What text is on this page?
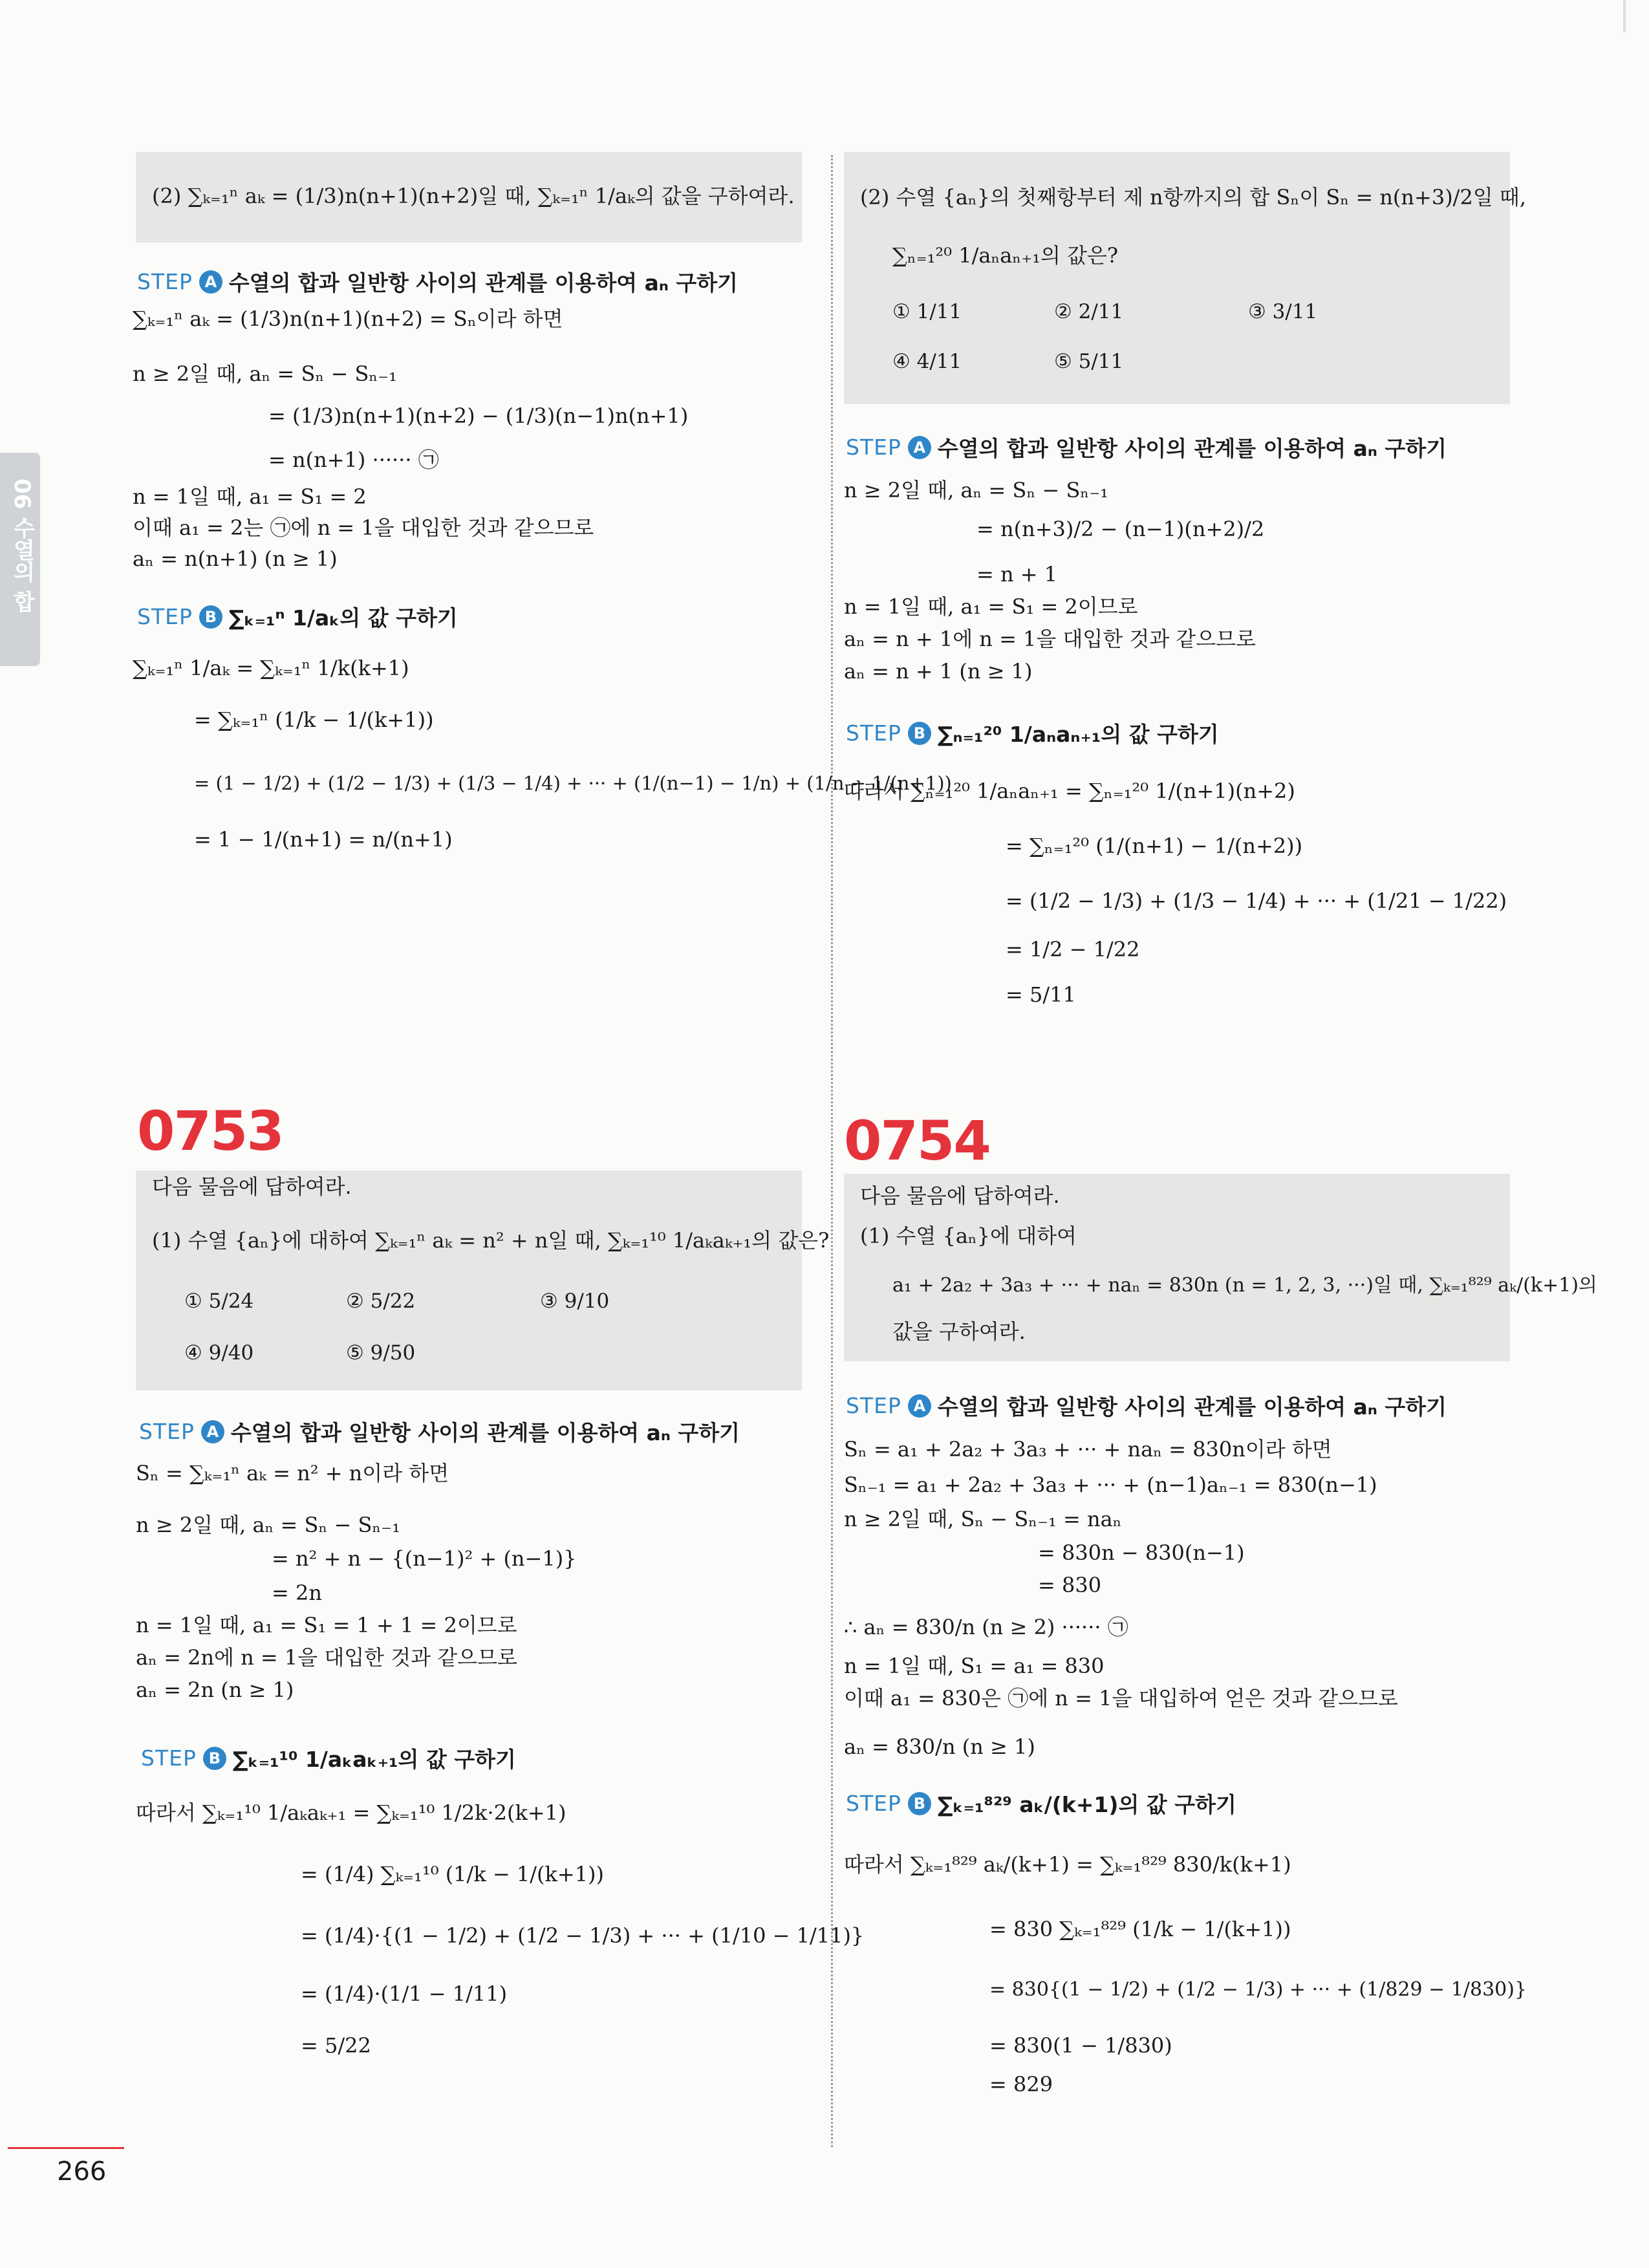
06 수열의 합
(2) ∑ₖ₌₁ⁿ aₖ = (1/3)n(n+1)(n+2)일 때, ∑ₖ₌₁ⁿ 1/aₖ의 값을 구하여라.
STEP A 수열의 합과 일반항 사이의 관계를 이용하여 aₙ 구하기
∑ₖ₌₁ⁿ aₖ = (1/3)n(n+1)(n+2) = Sₙ이라 하면
n ≥ 2일 때, aₙ = Sₙ − Sₙ₋₁
= (1/3)n(n+1)(n+2) − (1/3)(n−1)n(n+1)
= n(n+1) ······ ㉠
n = 1일 때, a₁ = S₁ = 2
이때 a₁ = 2는 ㉠에 n = 1을 대입한 것과 같으므로
aₙ = n(n+1) (n ≥ 1)
STEP B ∑ₖ₌₁ⁿ 1/aₖ의 값 구하기
∑ₖ₌₁ⁿ 1/aₖ = ∑ₖ₌₁ⁿ 1/k(k+1)
= ∑ₖ₌₁ⁿ (1/k − 1/(k+1))
= (1 − 1/2) + (1/2 − 1/3) + (1/3 − 1/4) + ··· + (1/(n−1) − 1/n) + (1/n − 1/(n+1))
= 1 − 1/(n+1) = n/(n+1)
(2) 수열 {aₙ}의 첫째항부터 제 n항까지의 합 Sₙ이 Sₙ = n(n+3)/2일 때,
∑ₙ₌₁²⁰ 1/aₙaₙ₊₁의 값은?
① 1/11	② 2/11	③ 3/11
④ 4/11	⑤ 5/11
STEP A 수열의 합과 일반항 사이의 관계를 이용하여 aₙ 구하기
n ≥ 2일 때, aₙ = Sₙ − Sₙ₋₁
= n(n+3)/2 − (n−1)(n+2)/2
= n + 1
n = 1일 때, a₁ = S₁ = 2이므로
aₙ = n + 1에 n = 1을 대입한 것과 같으므로
aₙ = n + 1 (n ≥ 1)
STEP B ∑ₙ₌₁²⁰ 1/aₙaₙ₊₁의 값 구하기
따라서 ∑ₙ₌₁²⁰ 1/aₙaₙ₊₁ = ∑ₙ₌₁²⁰ 1/(n+1)(n+2)
= ∑ₙ₌₁²⁰ (1/(n+1) − 1/(n+2))
= (1/2 − 1/3) + (1/3 − 1/4) + ··· + (1/21 − 1/22)
= 1/2 − 1/22
= 5/11
0753
다음 물음에 답하여라.
(1) 수열 {aₙ}에 대하여 ∑ₖ₌₁ⁿ aₖ = n² + n일 때, ∑ₖ₌₁¹⁰ 1/aₖaₖ₊₁의 값은?
① 5/24	② 5/22	③ 9/10
④ 9/40	⑤ 9/50
STEP A 수열의 합과 일반항 사이의 관계를 이용하여 aₙ 구하기
Sₙ = ∑ₖ₌₁ⁿ aₖ = n² + n이라 하면
n ≥ 2일 때, aₙ = Sₙ − Sₙ₋₁
= n² + n − {(n−1)² + (n−1)}
= 2n
n = 1일 때, a₁ = S₁ = 1 + 1 = 2이므로
aₙ = 2n에 n = 1을 대입한 것과 같으므로
aₙ = 2n (n ≥ 1)
STEP B ∑ₖ₌₁¹⁰ 1/aₖaₖ₊₁의 값 구하기
따라서 ∑ₖ₌₁¹⁰ 1/aₖaₖ₊₁ = ∑ₖ₌₁¹⁰ 1/2k·2(k+1)
= (1/4) ∑ₖ₌₁¹⁰ (1/k − 1/(k+1))
= (1/4)·{(1 − 1/2) + (1/2 − 1/3) + ··· + (1/10 − 1/11)}
= (1/4)·(1/1 − 1/11)
= 5/22
0754
다음 물음에 답하여라.
(1) 수열 {aₙ}에 대하여
a₁ + 2a₂ + 3a₃ + ··· + naₙ = 830n (n = 1, 2, 3, ···)일 때, ∑ₖ₌₁⁸²⁹ aₖ/(k+1)의
값을 구하여라.
STEP A 수열의 합과 일반항 사이의 관계를 이용하여 aₙ 구하기
Sₙ = a₁ + 2a₂ + 3a₃ + ··· + naₙ = 830n이라 하면
Sₙ₋₁ = a₁ + 2a₂ + 3a₃ + ··· + (n−1)aₙ₋₁ = 830(n−1)
n ≥ 2일 때, Sₙ − Sₙ₋₁ = naₙ
= 830n − 830(n−1)
= 830
∴ aₙ = 830/n (n ≥ 2) ······ ㉠
n = 1일 때, S₁ = a₁ = 830
이때 a₁ = 830은 ㉠에 n = 1을 대입하여 얻은 것과 같으므로
aₙ = 830/n (n ≥ 1)
STEP B ∑ₖ₌₁⁸²⁹ aₖ/(k+1)의 값 구하기
따라서 ∑ₖ₌₁⁸²⁹ aₖ/(k+1) = ∑ₖ₌₁⁸²⁹ 830/k(k+1)
= 830 ∑ₖ₌₁⁸²⁹ (1/k − 1/(k+1))
= 830{(1 − 1/2) + (1/2 − 1/3) + ··· + (1/829 − 1/830)}
= 830(1 − 1/830)
= 829
266
